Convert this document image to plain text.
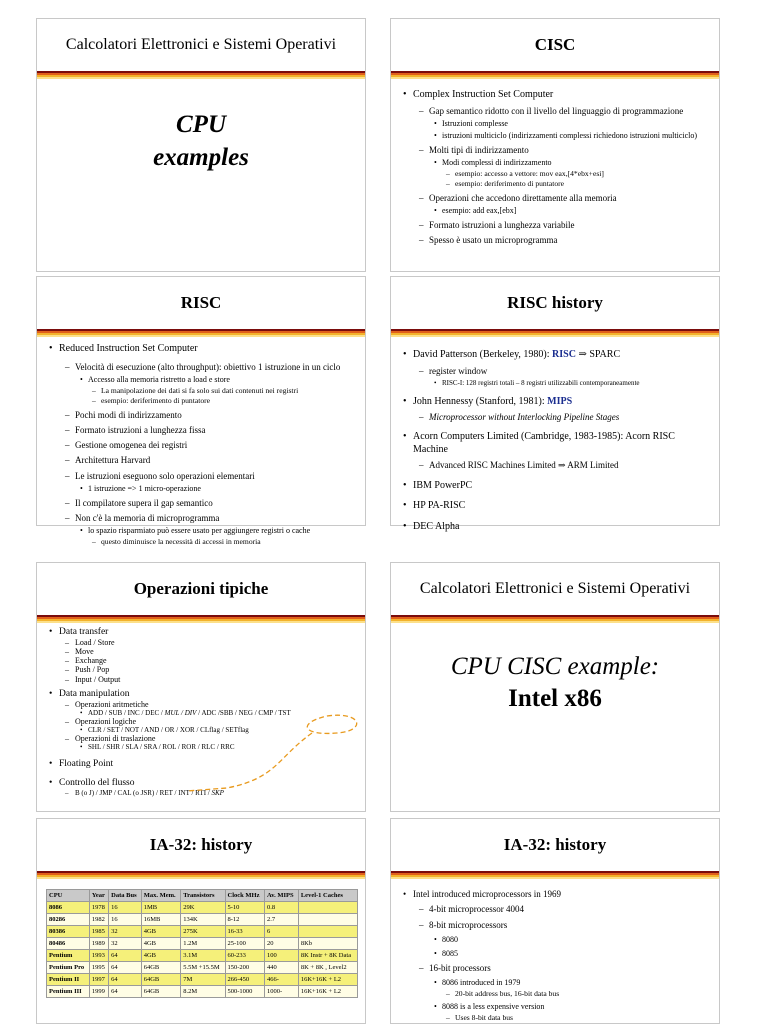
Calcolatori Elettronici e Sistemi Operativi
CPU
examples
CISC
• Complex Instruction Set Computer
– Gap semantico ridotto con il livello del linguaggio di programmazione
• Istruzioni complesse
• istruzioni multiciclo (indirizzamenti complessi richiedono istruzioni multiciclo)
– Molti tipi di indirizzamento
• Modi complessi di indirizzamento
– esempio: accesso a vettore: mov eax,[4*ebx+esi]
– esempio: deriferimento di puntatore
– Operazioni che accedono direttamente alla memoria
• esempio: add eax,[ebx]
– Formato istruzioni a lunghezza variabile
– Spesso è usato un microprogramma
RISC
• Reduced Instruction Set Computer
– Velocità di esecuzione (alto throughput): obiettivo 1 istruzione in un ciclo
• Accesso alla memoria ristretto a load e store
– La manipolazione dei dati si fa solo sui dati contenuti nei registri
– esempio: deriferimento di puntatore
– Pochi modi di indirizzamento
– Formato istruzioni a lunghezza fissa
– Gestione omogenea dei registri
– Architettura Harvard
– Le istruzioni eseguono solo operazioni elementari
• 1 istruzione => 1 micro-operazione
– Il compilatore supera il gap semantico
– Non c'è la memoria di microprogramma
• lo spazio risparmiato può essere usato per aggiungere registri o cache
– questo diminuisce la necessità di accessi in memoria
RISC history
• David Patterson (Berkeley, 1980): RISC ⇒ SPARC
– register window
• RISC-I: 128 registri totali – 8 registri utilizzabili contemporaneamente
• John Hennessy (Stanford, 1981): MIPS
– Microprocessor without Interlocking Pipeline Stages
• Acorn Computers Limited (Cambridge, 1983-1985): Acorn RISC Machine
– Advanced RISC Machines Limited ⇒ ARM Limited
• IBM PowerPC
• HP PA-RISC
• DEC Alpha
Operazioni tipiche
• Data transfer
– Load / Store
– Move
– Exchange
– Push / Pop
– Input / Output
• Data manipulation
– Operazioni aritmetiche
• ADD / SUB / INC / DEC / MUL / DIV / ADC /SBB / NEG / CMP / TST
– Operazioni logiche
• CLR / SET / NOT / AND / OR / XOR / CLflag / SETflag
– Operazioni di traslazione
• SHL / SHR / SLA / SRA / ROL / ROR / RLC / RRC
• Floating Point
• Controllo del flusso
– B (o J) / JMP / CAL (o JSR) / RET / INT / RTI / SKP
Calcolatori Elettronici e Sistemi Operativi
CPU CISC example:
Intel x86
IA-32: history
CPU	Year	Data Bus	Max. Mem.	Transistors	Clock MHz	Av. MIPS	Level-1 Caches
8086	1978	16	1MB	29K	5-10	0.8	
80286	1982	16	16MB	134K	8-12	2.7	
80386	1985	32	4GB	275K	16-33	6	
80486	1989	32	4GB	1.2M	25-100	20	8Kb
Pentium	1993	64	4GB	3.1M	60-233	100	8K Instr + 8K Data
Pentium Pro	1995	64	64GB	5.5M +15.5M	150-200	440	8K + 8K , Level2
Pentium II	1997	64	64GB	7M	266-450	466-	16K+16K + L2
Pentium III	1999	64	64GB	8.2M	500-1000	1000-	16K+16K + L2
IA-32: history
• Intel introduced microprocessors in 1969
– 4-bit microprocessor 4004
– 8-bit microprocessors
• 8080
• 8085
– 16-bit processors
• 8086 introduced in 1979
– 20-bit address bus, 16-bit data bus
• 8088 is a less expensive version
– Uses 8-bit data bus
